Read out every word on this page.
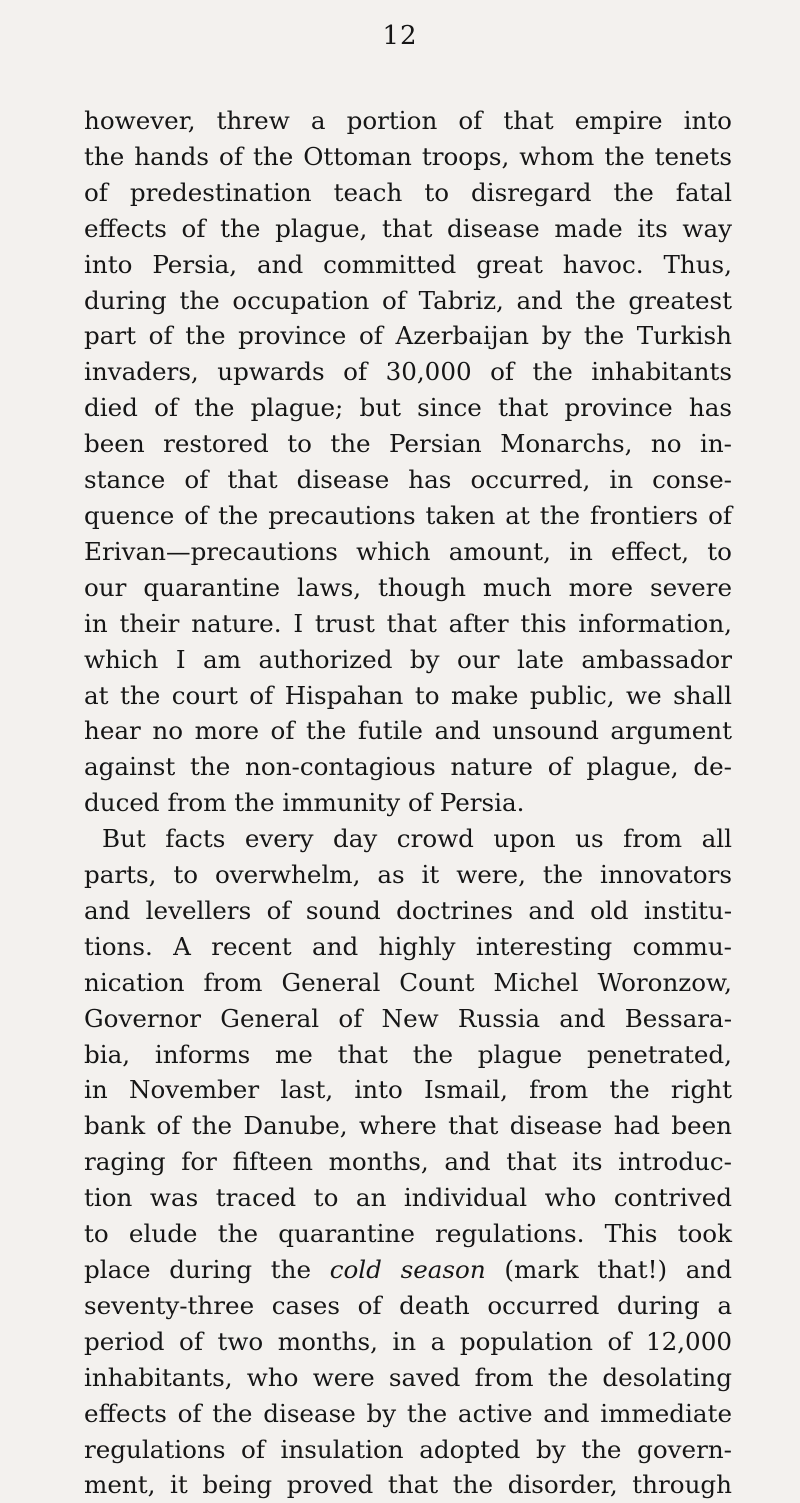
12
however, threw a portion of that empire into
the hands of the Ottoman troops, whom the tenets
of predestination teach to disregard the fatal
effects of the plague, that disease made its way
into Persia, and committed great havoc. Thus,
during the occupation of Tabriz, and the greatest
part of the province of Azerbaijan by the Turkish
invaders, upwards of 30,000 of the inhabitants
died of the plague; but since that province has
been restored to the Persian Monarchs, no in-
stance of that disease has occurred, in conse-
quence of the precautions taken at the frontiers of
Erivan—precautions which amount, in effect, to
our quarantine laws, though much more severe
in their nature. I trust that after this information,
which I am authorized by our late ambassador
at the court of Hispahan to make public, we shall
hear no more of the futile and unsound argument
against the non-contagious nature of plague, de-
duced from the immunity of Persia.
But facts every day crowd upon us from all
parts, to overwhelm, as it were, the innovators
and levellers of sound doctrines and old institu-
tions. A recent and highly interesting commu-
nication from General Count Michel Woronzow,
Governor General of New Russia and Bessara-
bia, informs me that the plague penetrated,
in November last, into Ismail, from the right
bank of the Danube, where that disease had been
raging for fifteen months, and that its introduc-
tion was traced to an individual who contrived
to elude the quarantine regulations. This took
place during the cold season (mark that!) and
seventy-three cases of death occurred during a
period of two months, in a population of 12,000
inhabitants, who were saved from the desolating
effects of the disease by the active and immediate
regulations of insulation adopted by the govern-
ment, it being proved that the disorder, through
